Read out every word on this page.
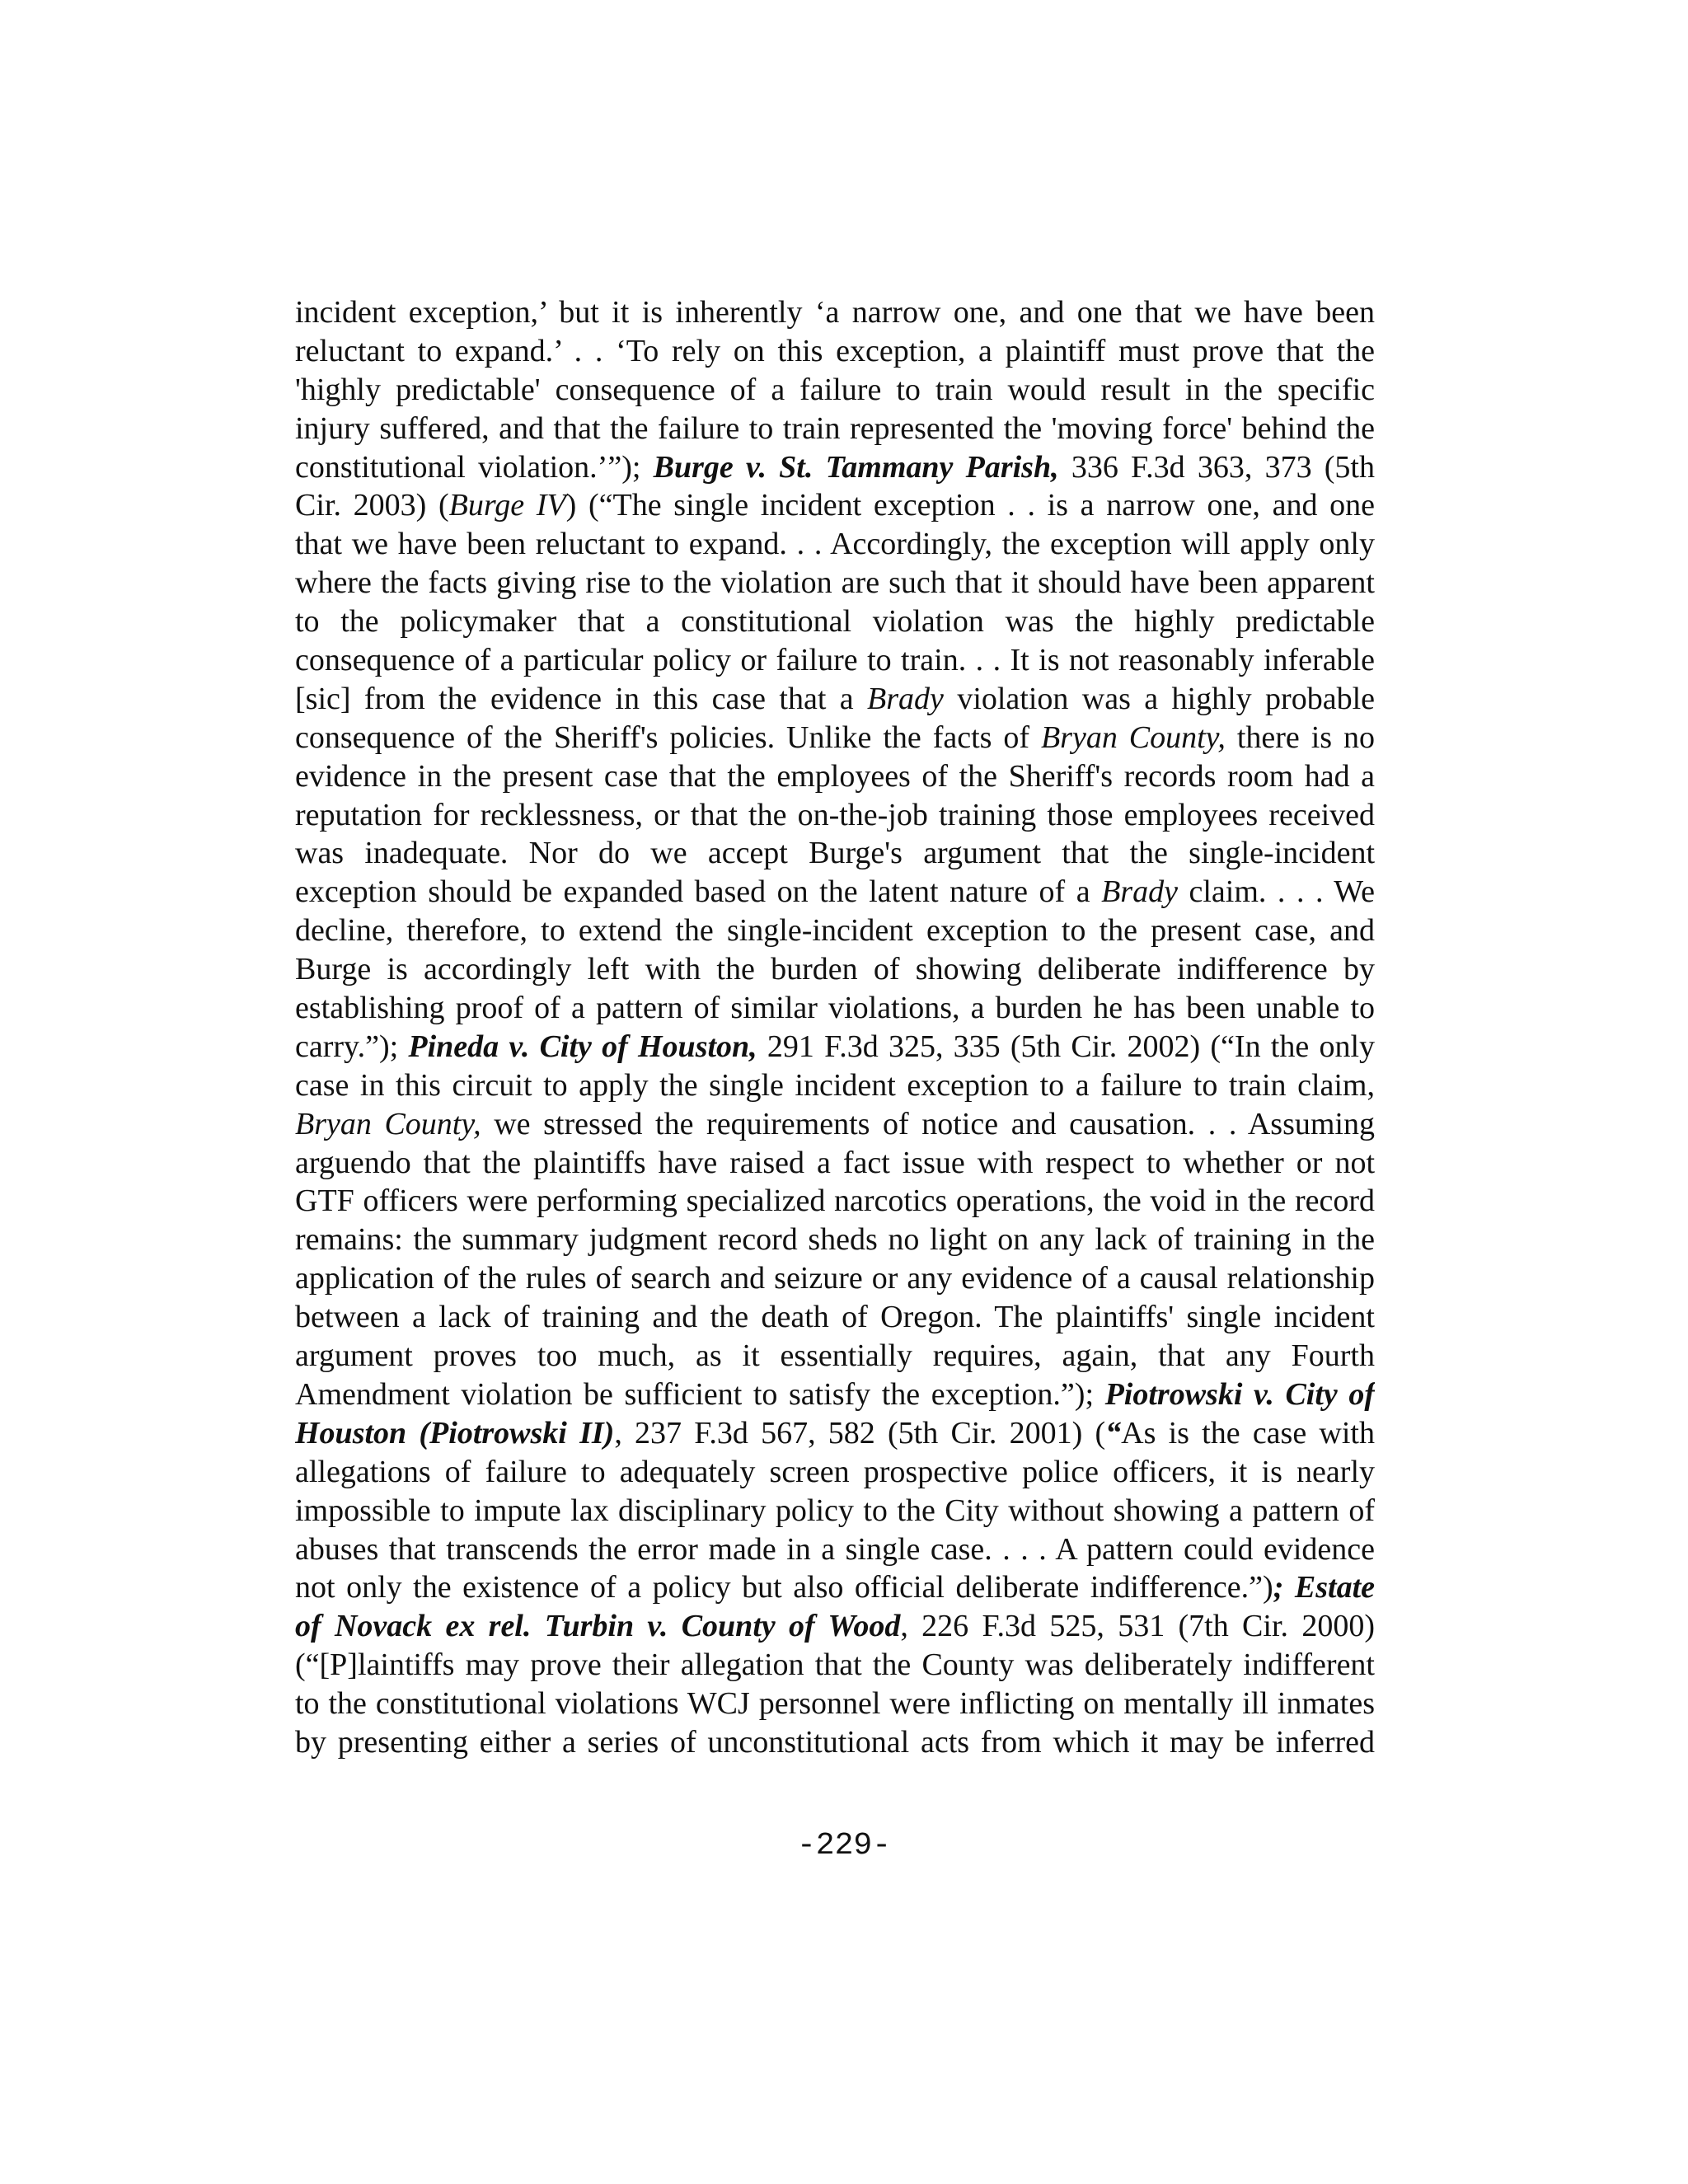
incident exception,’ but it is inherently ‘a narrow one, and one that we have been
reluctant to expand.’ . . ‘To rely on this exception, a plaintiff must prove that the
'highly predictable' consequence of a failure to train would result in the specific
injury suffered, and that the failure to train represented the 'moving force' behind the
constitutional violation.’”); Burge v. St. Tammany Parish, 336 F.3d 363, 373 (5th
Cir. 2003) (Burge IV) (“The single incident exception . . is a narrow one, and one
that we have been reluctant to expand. . . Accordingly, the exception will apply only
where the facts giving rise to the violation are such that it should have been apparent
to the policymaker that a constitutional violation was the highly predictable
consequence of a particular policy or failure to train. . . It is not reasonably inferable
[sic] from the evidence in this case that a Brady violation was a highly probable
consequence of the Sheriff's policies. Unlike the facts of Bryan County, there is no
evidence in the present case that the employees of the Sheriff's records room had a
reputation for recklessness, or that the on-the-job training those employees received
was inadequate. Nor do we accept Burge's argument that the single-incident
exception should be expanded based on the latent nature of a Brady claim. . . . We
decline, therefore, to extend the single-incident exception to the present case, and
Burge is accordingly left with the burden of showing deliberate indifference by
establishing proof of a pattern of similar violations, a burden he has been unable to
carry.”); Pineda v. City of Houston, 291 F.3d 325, 335 (5th Cir. 2002) (“In the only
case in this circuit to apply the single incident exception to a failure to train claim,
Bryan County, we stressed the requirements of notice and causation. . . Assuming
arguendo that the plaintiffs have raised a fact issue with respect to whether or not
GTF officers were performing specialized narcotics operations, the void in the record
remains: the summary judgment record sheds no light on any lack of training in the
application of the rules of search and seizure or any evidence of a causal relationship
between a lack of training and the death of Oregon. The plaintiffs' single incident
argument proves too much, as it essentially requires, again, that any Fourth
Amendment violation be sufficient to satisfy the exception.”); Piotrowski v. City of
Houston (Piotrowski II), 237 F.3d 567, 582 (5th Cir. 2001) (“As is the case with
allegations of failure to adequately screen prospective police officers, it is nearly
impossible to impute lax disciplinary policy to the City without showing a pattern of
abuses that transcends the error made in a single case. . . . A pattern could evidence
not only the existence of a policy but also official deliberate indifference.”); Estate
of Novack ex rel. Turbin v. County of Wood, 226 F.3d 525, 531 (7th Cir. 2000)
(“[P]laintiffs may prove their allegation that the County was deliberately indifferent
to the constitutional violations WCJ personnel were inflicting on mentally ill inmates
by presenting either a series of unconstitutional acts from which it may be inferred
-229-
